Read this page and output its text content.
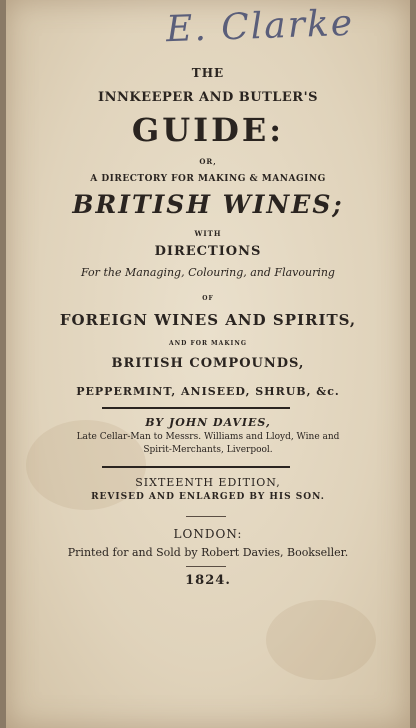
E. Clarke
THE
INNKEEPER AND BUTLER'S
GUIDE:
OR,
A DIRECTORY FOR MAKING & MANAGING
BRITISH WINES;
WITH
DIRECTIONS
For the Managing, Colouring, and Flavouring
OF
FOREIGN WINES AND SPIRITS,
AND FOR MAKING
BRITISH COMPOUNDS,
PEPPERMINT, ANISEED, SHRUB, &c.
BY JOHN DAVIES,
Late Cellar-Man to Messrs. Williams and Lloyd, Wine and
Spirit-Merchants, Liverpool.
SIXTEENTH EDITION,
REVISED AND ENLARGED BY HIS SON.
LONDON:
Printed for and Sold by Robert Davies, Bookseller.
1824.
